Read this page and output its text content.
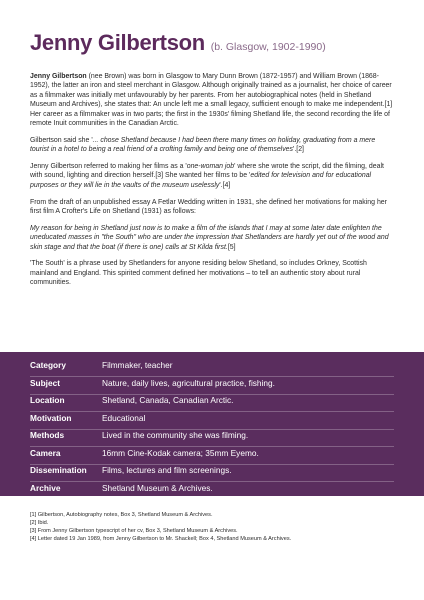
Jenny Gilbertson (b. Glasgow, 1902-1990)

Jenny Gilbertson (nee Brown) was born in Glasgow to Mary Dunn Brown (1872-1957) and William Brown (1868-1952), the latter an iron and steel merchant in Glasgow. Although originally trained as a journalist, her choice of career as a filmmaker was initially met unfavourably by her parents. From her autobiographical notes (held in Shetland Museum and Archives), she states that: An uncle left me a small legacy, sufficient enough to make me independent.[1] Her career as a filmmaker was in two parts; the first in the 1930s' filming Shetland life, the second recording the life of remote Inuit communities in the Canadian Arctic.

Gilbertson said she '... chose Shetland because I had been there many times on holiday, graduating from a mere tourist in a hotel to being a real friend of a crofting family and being one of themselves'.[2]

Jenny Gilbertson referred to making her films as a 'one-woman job' where she wrote the script, did the filming, dealt with sound, lighting and direction herself.[3] She wanted her films to be 'edited for television and for educational purposes or they will lie in the vaults of the museum uselessly'.[4]

From the draft of an unpublished essay A Fetlar Wedding written in 1931, she defined her motivations for making her first film A Crofter's Life on Shetland (1931) as follows:

My reason for being in Shetland just now is to make a film of the islands that I may at some later date enlighten the uneducated masses in "the South" who are under the impression that Shetlanders are hardly yet out of the wood and skin stage and that the boat (if there is one) calls at St Kilda first.[5]

'The South' is a phrase used by Shetlanders for anyone residing below Shetland, so includes Orkney, Scottish mainland and England. This spirited comment defined her motivations – to tell an authentic story about rural communities.

Category	Filmmaker, teacher
Subject	Nature, daily lives, agricultural practice, fishing.
Location	Shetland, Canada, Canadian Arctic.
Motivation	Educational
Methods	Lived in the community she was filming.
Camera	16mm Cine-Kodak camera; 35mm Eyemo.
Dissemination	Films, lectures and film screenings.
Archive	Shetland Museum & Archives.
[1] Gilbertson, Autobiography notes, Box 3, Shetland Museum & Archives.
[2] Ibid.
[3] From Jenny Gilbertson typescript of her cv, Box 3, Shetland Museum & Archives.
[4] Letter dated 19 Jan 1989, from Jenny Gilbertson to Mr. Shackell; Box 4, Shetland Museum & Archives.
